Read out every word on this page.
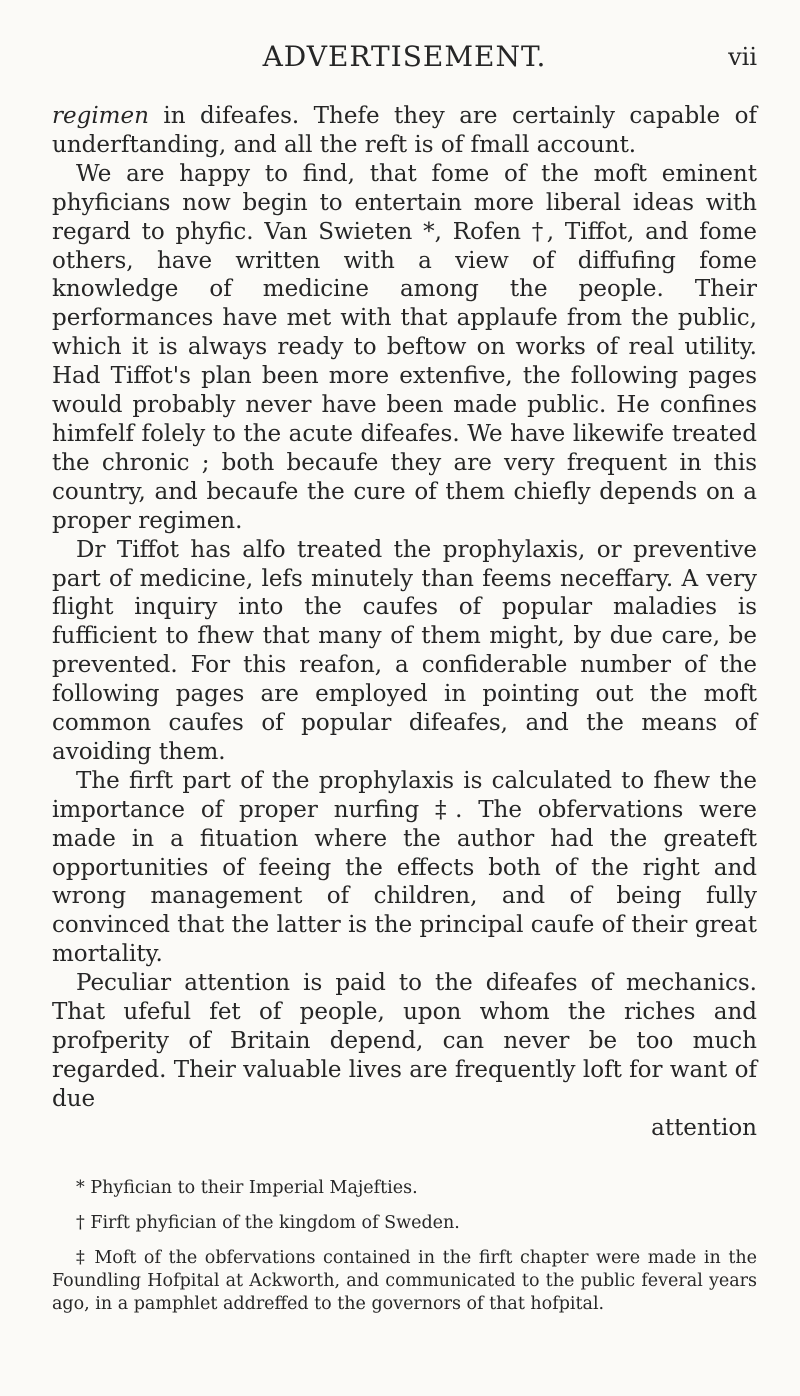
ADVERTISEMENT.	vii

regimen in difeafes. Thefe they are certainly capable of underftanding, and all the reft is of fmall account.

We are happy to find, that fome of the moft eminent phyficians now begin to entertain more liberal ideas with regard to phyfic. Van Swieten *, Rofen †, Tiffot, and fome others, have written with a view of diffufing fome knowledge of medicine among the people. Their performances have met with that applaufe from the public, which it is always ready to beftow on works of real utility. Had Tiffot's plan been more extenfive, the following pages would probably never have been made public. He confines himfelf folely to the acute difeafes. We have likewife treated the chronic ; both becaufe they are very frequent in this country, and becaufe the cure of them chiefly depends on a proper regimen.

Dr Tiffot has alfo treated the prophylaxis, or preventive part of medicine, lefs minutely than feems neceffary. A very flight inquiry into the caufes of popular maladies is fufficient to fhew that many of them might, by due care, be prevented. For this reafon, a confiderable number of the following pages are employed in pointing out the moft common caufes of popular difeafes, and the means of avoiding them.

The firft part of the prophylaxis is calculated to fhew the importance of proper nurfing ‡. The obfervations were made in a fituation where the author had the greateft opportunities of feeing the effects both of the right and wrong management of children, and of being fully convinced that the latter is the principal caufe of their great mortality.

Peculiar attention is paid to the difeafes of mechanics. That ufeful fet of people, upon whom the riches and profperity of Britain depend, can never be too much regarded. Their valuable lives are frequently loft for want of due

attention

* Phyfician to their Imperial Majefties.

† Firft phyfician of the kingdom of Sweden.

‡ Moft of the obfervations contained in the firft chapter were made in the Foundling Hofpital at Ackworth, and communicated to the public feveral years ago, in a pamphlet addreffed to the governors of that hofpital.
